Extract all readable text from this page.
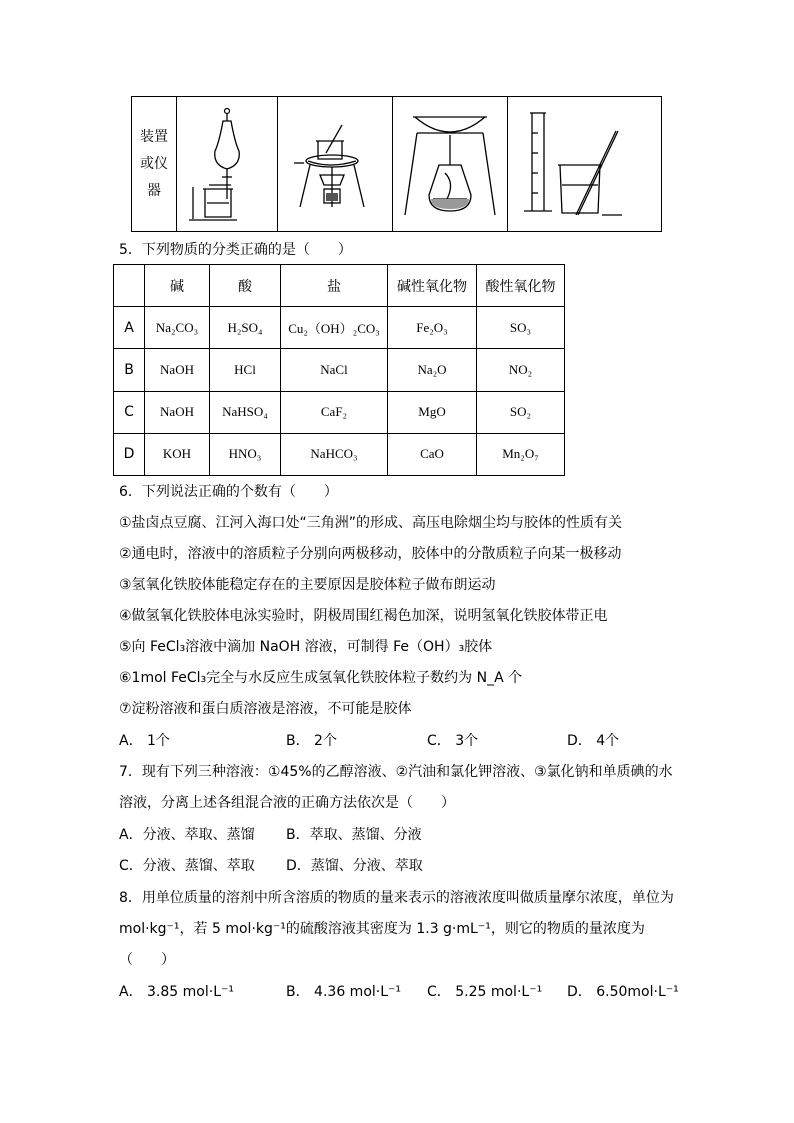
装置
或仪
器

5．下列物质的分类正确的是（　　）
	碱	酸	盐	碱性氧化物	酸性氧化物
A	Na₂CO₃	H₂SO₄	Cu₂（OH）₂CO₃	Fe₂O₃	SO₃
B	NaOH	HCl	NaCl	Na₂O	NO₂
C	NaOH	NaHSO₄	CaF₂	MgO	SO₂
D	KOH	HNO₃	NaHCO₃	CaO	Mn₂O₇
6．下列说法正确的个数有（　　）
①盐卤点豆腐、江河入海口处“三角洲”的形成、高压电除烟尘均与胶体的性质有关
②通电时，溶液中的溶质粒子分别向两极移动，胶体中的分散质粒子向某一极移动
③氢氧化铁胶体能稳定存在的主要原因是胶体粒子做布朗运动
④做氢氧化铁胶体电泳实验时，阴极周围红褐色加深，说明氢氧化铁胶体带正电
⑤向 FeCl₃溶液中滴加 NaOH 溶液，可制得 Fe（OH）₃胶体
⑥1mol FeCl₃完全与水反应生成氢氧化铁胶体粒子数约为 N_A 个
⑦淀粉溶液和蛋白质溶液是溶液，不可能是胶体
A． 1个	B． 2个	C． 3个	D． 4个
7．现有下列三种溶液：①45%的乙醇溶液、②汽油和氯化钾溶液、③氯化钠和单质碘的水
溶液，分离上述各组混合液的正确方法依次是（　　）
A．分液、萃取、蒸馏 B．萃取、蒸馏、分液
C．分液、蒸馏、萃取 D．蒸馏、分液、萃取
8．用单位质量的溶剂中所含溶质的物质的量来表示的溶液浓度叫做质量摩尔浓度，单位为
mol·kg⁻¹，若 5 mol·kg⁻¹的硫酸溶液其密度为 1.3 g·mL⁻¹，则它的物质的量浓度为
（　　）
A． 3.85 mol·L⁻¹	B． 4.36 mol·L⁻¹ C． 5.25 mol·L⁻¹ D． 6.50mol·L⁻¹
